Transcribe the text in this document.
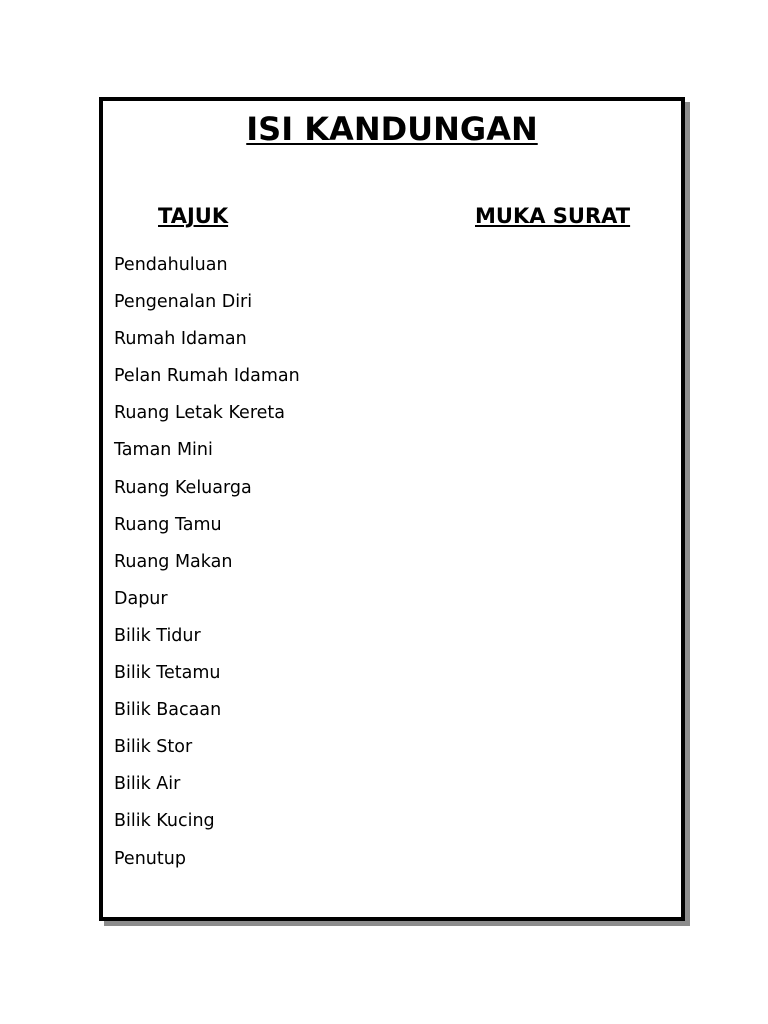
ISI KANDUNGAN
TAJUK	MUKA SURAT
Pendahuluan
Pengenalan Diri
Rumah Idaman
Pelan Rumah Idaman
Ruang Letak Kereta
Taman Mini
Ruang Keluarga
Ruang Tamu
Ruang Makan
Dapur
Bilik Tidur
Bilik Tetamu
Bilik Bacaan
Bilik Stor
Bilik Air
Bilik Kucing
Penutup
